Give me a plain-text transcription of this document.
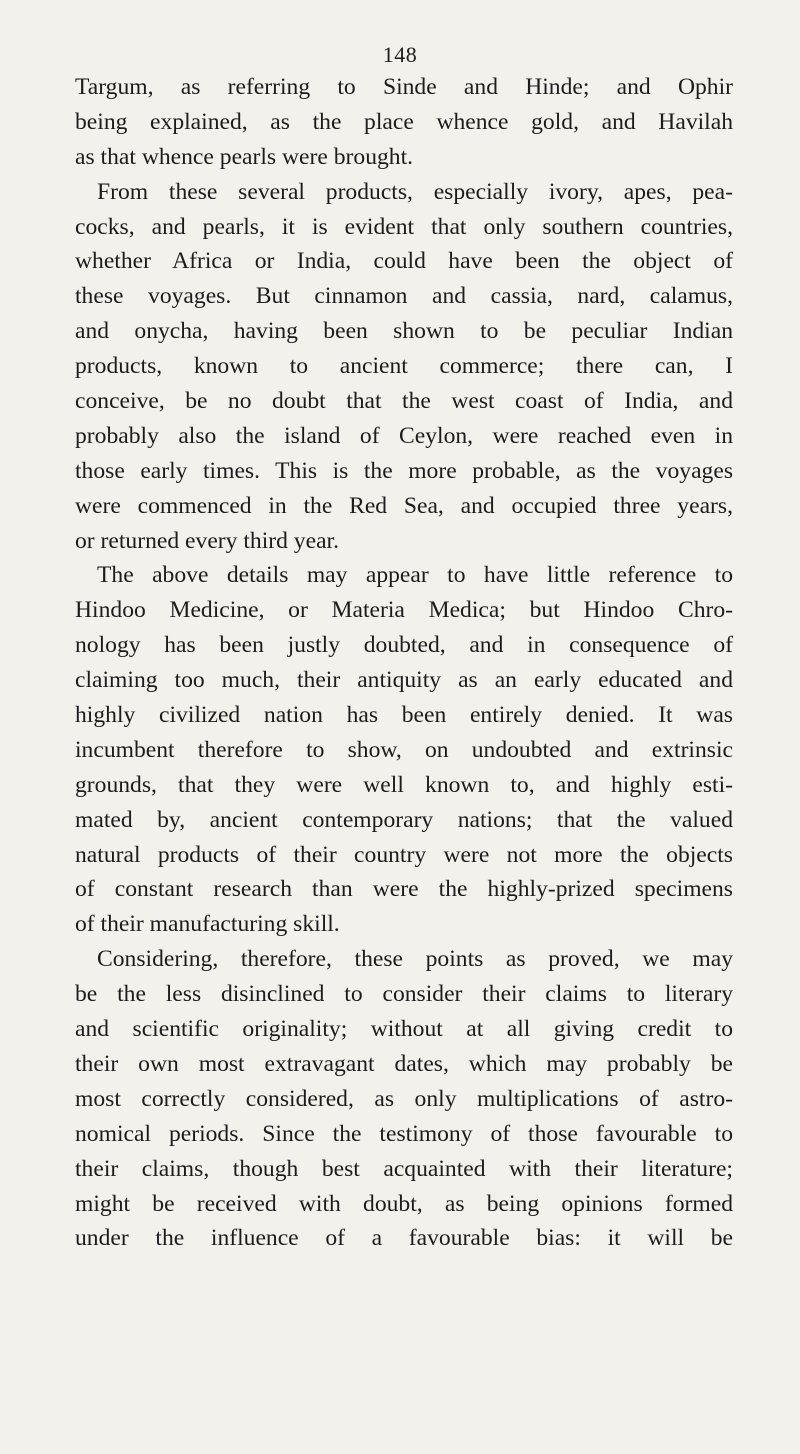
148
Targum, as referring to Sinde and Hinde; and Ophir
being explained, as the place whence gold, and Havilah
as that whence pearls were brought.
From these several products, especially ivory, apes, pea-
cocks, and pearls, it is evident that only southern countries,
whether Africa or India, could have been the object of
these voyages. But cinnamon and cassia, nard, calamus,
and onycha, having been shown to be peculiar Indian
products, known to ancient commerce; there can, I
conceive, be no doubt that the west coast of India, and
probably also the island of Ceylon, were reached even in
those early times. This is the more probable, as the voyages
were commenced in the Red Sea, and occupied three years,
or returned every third year.
The above details may appear to have little reference to
Hindoo Medicine, or Materia Medica; but Hindoo Chro-
nology has been justly doubted, and in consequence of
claiming too much, their antiquity as an early educated and
highly civilized nation has been entirely denied. It was
incumbent therefore to show, on undoubted and extrinsic
grounds, that they were well known to, and highly esti-
mated by, ancient contemporary nations; that the valued
natural products of their country were not more the objects
of constant research than were the highly-prized specimens
of their manufacturing skill.
Considering, therefore, these points as proved, we may
be the less disinclined to consider their claims to literary
and scientific originality; without at all giving credit to
their own most extravagant dates, which may probably be
most correctly considered, as only multiplications of astro-
nomical periods. Since the testimony of those favourable to
their claims, though best acquainted with their literature;
might be received with doubt, as being opinions formed
under the influence of a favourable bias: it will be
